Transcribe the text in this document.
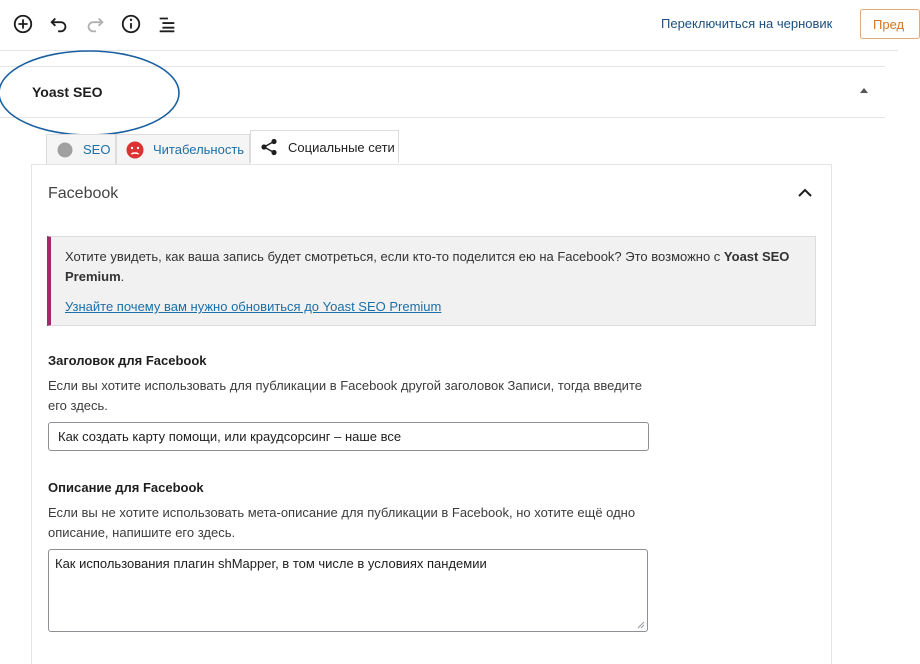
Переключиться на черновик	Пред
Yoast SEO
SEO	Читабельность	Социальные сети
Facebook

Хотите увидеть, как ваша запись будет смотреться, если кто-то поделится ею на Facebook? Это возможно с Yoast SEO Premium.

Узнайте почему вам нужно обновиться до Yoast SEO Premium
Заголовок для Facebook
Если вы хотите использовать для публикации в Facebook другой заголовок Записи, тогда введите его здесь.
Как создать карту помощи, или краудсорсинг – наше все
Описание для Facebook
Если вы не хотите использовать мета-описание для публикации в Facebook, но хотите ещё одно описание, напишите его здесь.
Как использования плагин shMapper, в том числе в условиях пандемии
